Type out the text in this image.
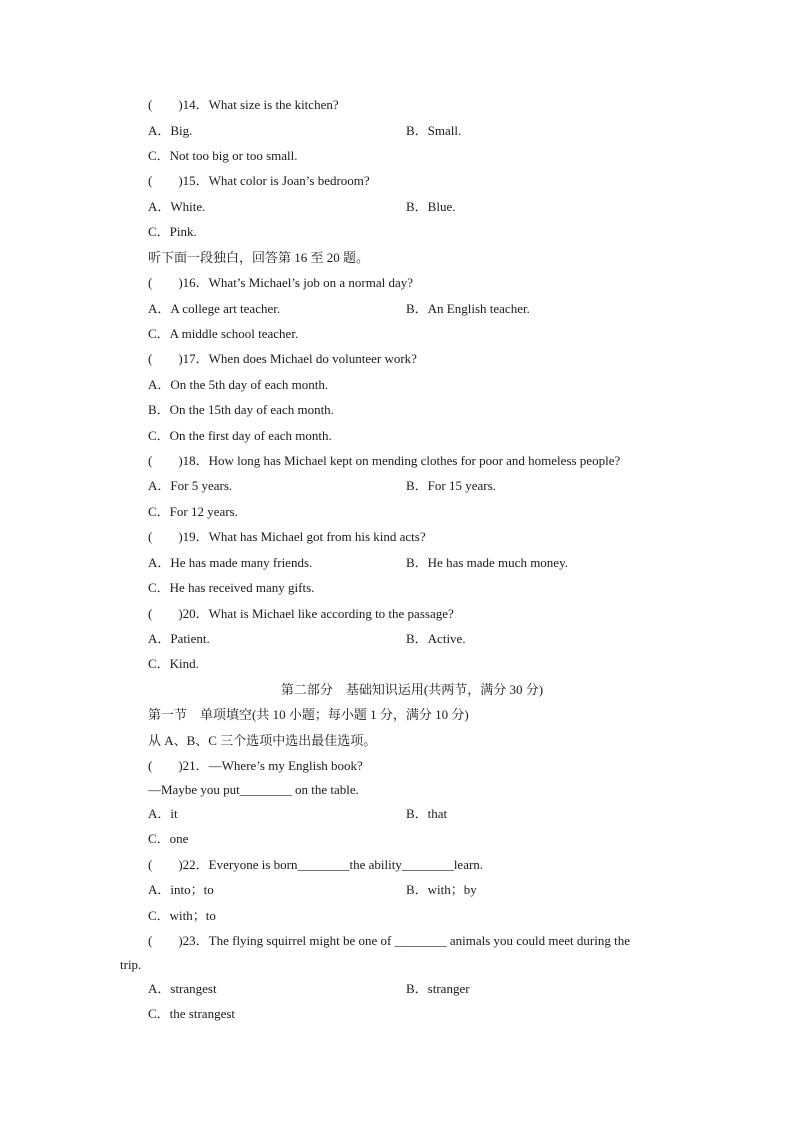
(　　)14．What size is the kitchen?
A．Big.	B．Small.
C．Not too big or too small.
(　　)15．What color is Joan’s bedroom?
A．White.	B．Blue.
C．Pink.
听下面一段独白，回答第 16 至 20 题。
(　　)16．What’s Michael’s job on a normal day?
A．A college art teacher.	B．An English teacher.
C．A middle school teacher.
(　　)17．When does Michael do volunteer work?
A．On the 5th day of each month.
B．On the 15th day of each month.
C．On the first day of each month.
(　　)18．How long has Michael kept on mending clothes for poor and homeless people?
A．For 5 years.	B．For 15 years.
C．For 12 years.
(　　)19．What has Michael got from his kind acts?
A．He has made many friends.	B．He has made much money.
C．He has received many gifts.
(　　)20．What is Michael like according to the passage?
A．Patient.	B．Active.
C．Kind.
第二部分　基础知识运用(共两节，满分 30 分)
第一节　单项填空(共 10 小题；每小题 1 分，满分 10 分)
从 A、B、C 三个选项中选出最佳选项。
(　　)21．—Where’s my English book?
—Maybe you put________ on the table.
A．it	B．that
C．one
(　　)22．Everyone is born________the ability________learn.
A．into；to	B．with；by
C．with；to
(　　)23．The flying squirrel might be one of ________ animals you could meet during the
trip.
A．strangest	B．stranger
C．the strangest
